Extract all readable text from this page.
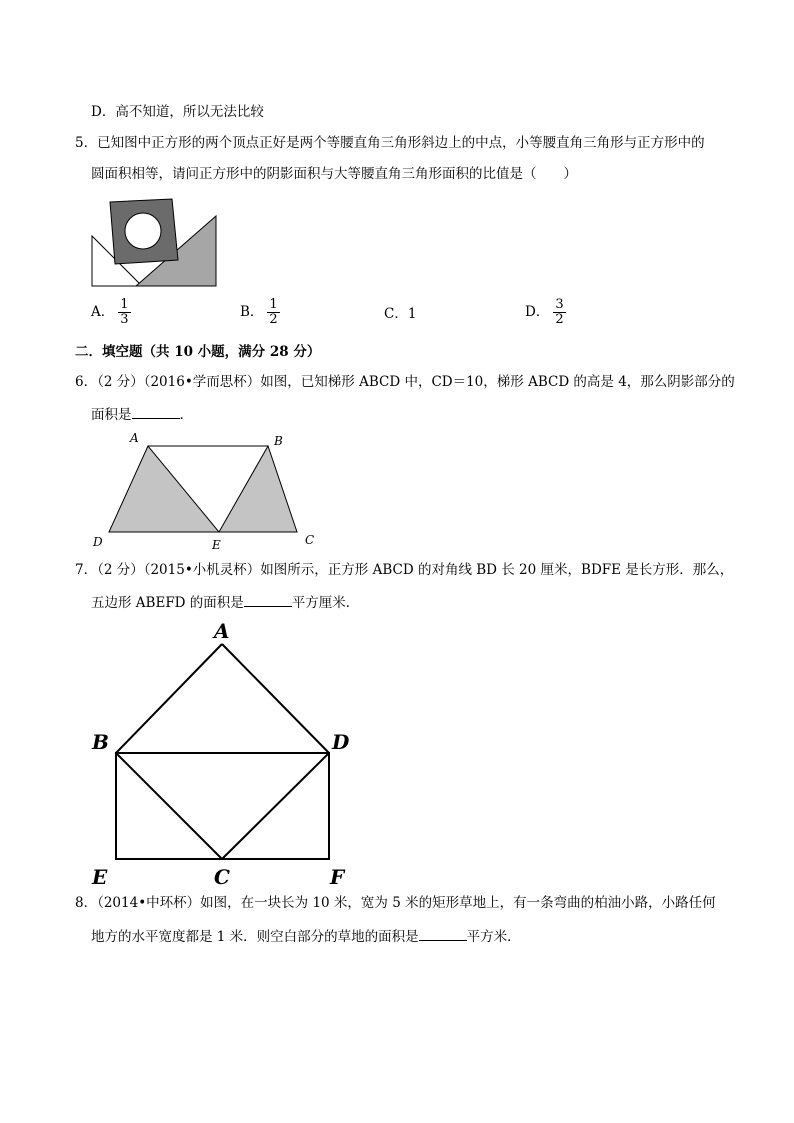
D．高不知道，所以无法比较
5．已知图中正方形的两个顶点正好是两个等腰直角三角形斜边上的中点，小等腰直角三角形与正方形中的
圆面积相等，请问正方形中的阴影面积与大等腰直角三角形面积的比值是（　　）
A． $\frac{1}{3}$	B． $\frac{1}{2}$	C．1	D． $\frac{3}{2}$
二．填空题（共 10 小题，满分 28 分）
6．（2 分）（2016•学而思杯）如图，已知梯形 ABCD 中，CD＝10，梯形 ABCD 的高是 4，那么阴影部分的
面积是	．
A	B
D	E	C
7．（2 分）（2015•小机灵杯）如图所示，正方形 ABCD 的对角线 BD 长 20 厘米，BDFE 是长方形．那么，
五边形 ABEFD 的面积是	平方厘米．
A
B	D
E	C	F
8．（2014•中环杯）如图，在一块长为 10 米，宽为 5 米的矩形草地上，有一条弯曲的柏油小路，小路任何
地方的水平宽度都是 1 米．则空白部分的草地的面积是	平方米．
